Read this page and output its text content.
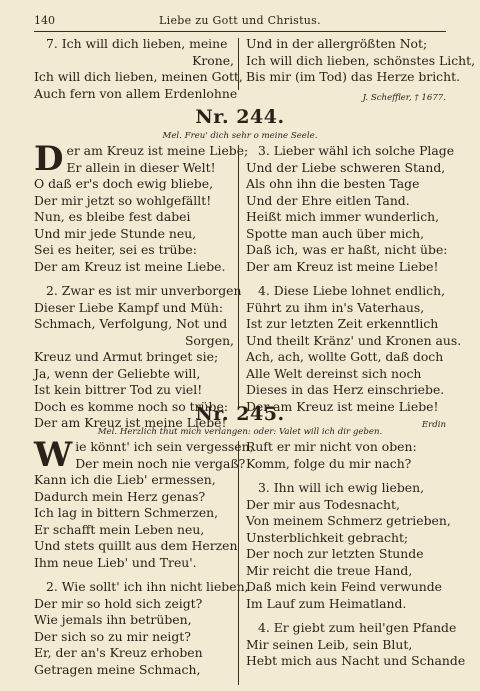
140	Liebe zu Gott und Christus.
7. Ich will dich lieben, meine
Krone,
Ich will dich lieben, meinen Gott,
Auch fern von allem Erdenlohne
Und in der allergrößten Not;
Ich will dich lieben, schönstes Licht,
Bis mir (im Tod) das Herze bricht.
J. Scheffler, † 1677.
Nr. 244.
Mel. Freu' dich sehr o meine Seele.
D er am Kreuz ist meine Liebe;
Er allein in dieser Welt!
O daß er's doch ewig bliebe,
Der mir jetzt so wohlgefällt!
Nun, es bleibe fest dabei
Und mir jede Stunde neu,
Sei es heiter, sei es trübe:
Der am Kreuz ist meine Liebe.
2. Zwar es ist mir unverborgen
Dieser Liebe Kampf und Müh:
Schmach, Verfolgung, Not und
Sorgen,
Kreuz und Armut bringet sie;
Ja, wenn der Geliebte will,
Ist kein bittrer Tod zu viel!
Doch es komme noch so trübe:
Der am Kreuz ist meine Liebe!
3. Lieber wähl ich solche Plage
Und der Liebe schweren Stand,
Als ohn ihn die besten Tage
Und der Ehre eitlen Tand.
Heißt mich immer wunderlich,
Spotte man auch über mich,
Daß ich, was er haßt, nicht übe:
Der am Kreuz ist meine Liebe!
4. Diese Liebe lohnet endlich,
Führt zu ihm in's Vaterhaus,
Ist zur letzten Zeit erkenntlich
Und theilt Kränz' und Kronen aus.
Ach, ach, wollte Gott, daß doch
Alle Welt dereinst sich noch
Dieses in das Herz einschriebe.
Der am Kreuz ist meine Liebe!
Erdin
Nr. 245.
Mel. Herzlich thut mich verlangen: oder: Valet will ich dir geben.
W ie könnt' ich sein vergessen,
Der mein noch nie vergaß?
Kann ich die Lieb' ermessen,
Dadurch mein Herz genas?
Ich lag in bittern Schmerzen,
Er schafft mein Leben neu,
Und stets quillt aus dem Herzen
Ihm neue Lieb' und Treu'.
2. Wie sollt' ich ihn nicht lieben,
Der mir so hold sich zeigt?
Wie jemals ihn betrüben,
Der sich so zu mir neigt?
Er, der an's Kreuz erhoben
Getragen meine Schmach,
Ruft er mir nicht von oben:
Komm, folge du mir nach?
3. Ihn will ich ewig lieben,
Der mir aus Todesnacht,
Von meinem Schmerz getrieben,
Unsterblichkeit gebracht;
Der noch zur letzten Stunde
Mir reicht die treue Hand,
Daß mich kein Feind verwunde
Im Lauf zum Heimatland.
4. Er giebt zum heil'gen Pfande
Mir seinen Leib, sein Blut,
Hebt mich aus Nacht und Schande
